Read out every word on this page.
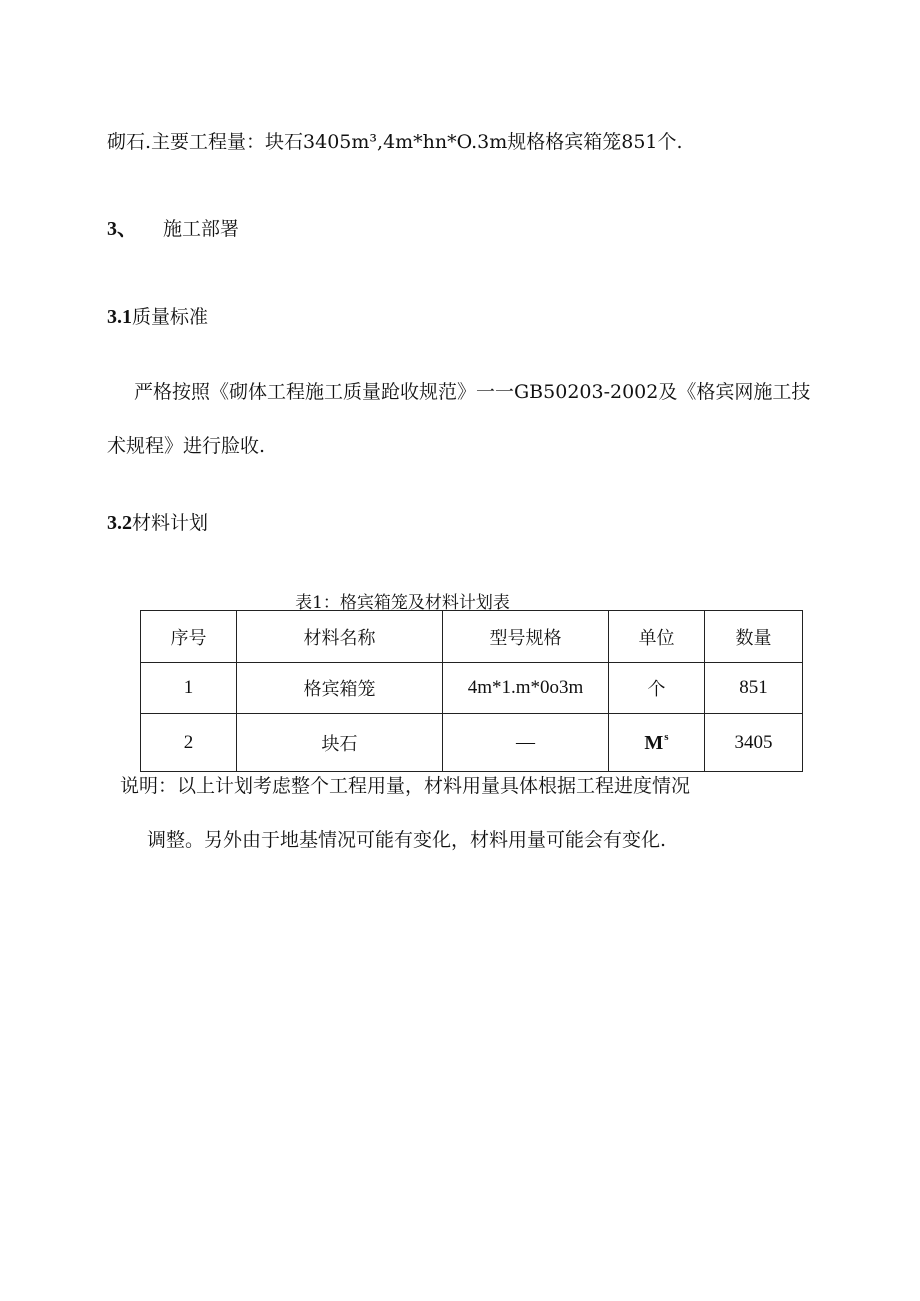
砌石.主要工程量：块石3405m³,4m*hn*O.3m规格格宾箱笼851个.
3、 施工部署
3.1质量标准
严格按照《砌体工程施工质量跄收规范》一一GB50203-2002及《格宾网施工技
术规程》进行脸收.
3.2材料计划
表1：格宾箱笼及材料计划表
序号	材料名称	型号规格	单位	数量
1	格宾箱笼	4m*1.m*0o3m	个	851
2	块石	—	$M^s$	3405
说明：以上计划考虑整个工程用量，材料用量具体根据工程进度情况
调整。另外由于地基情况可能有变化，材料用量可能会有变化.
